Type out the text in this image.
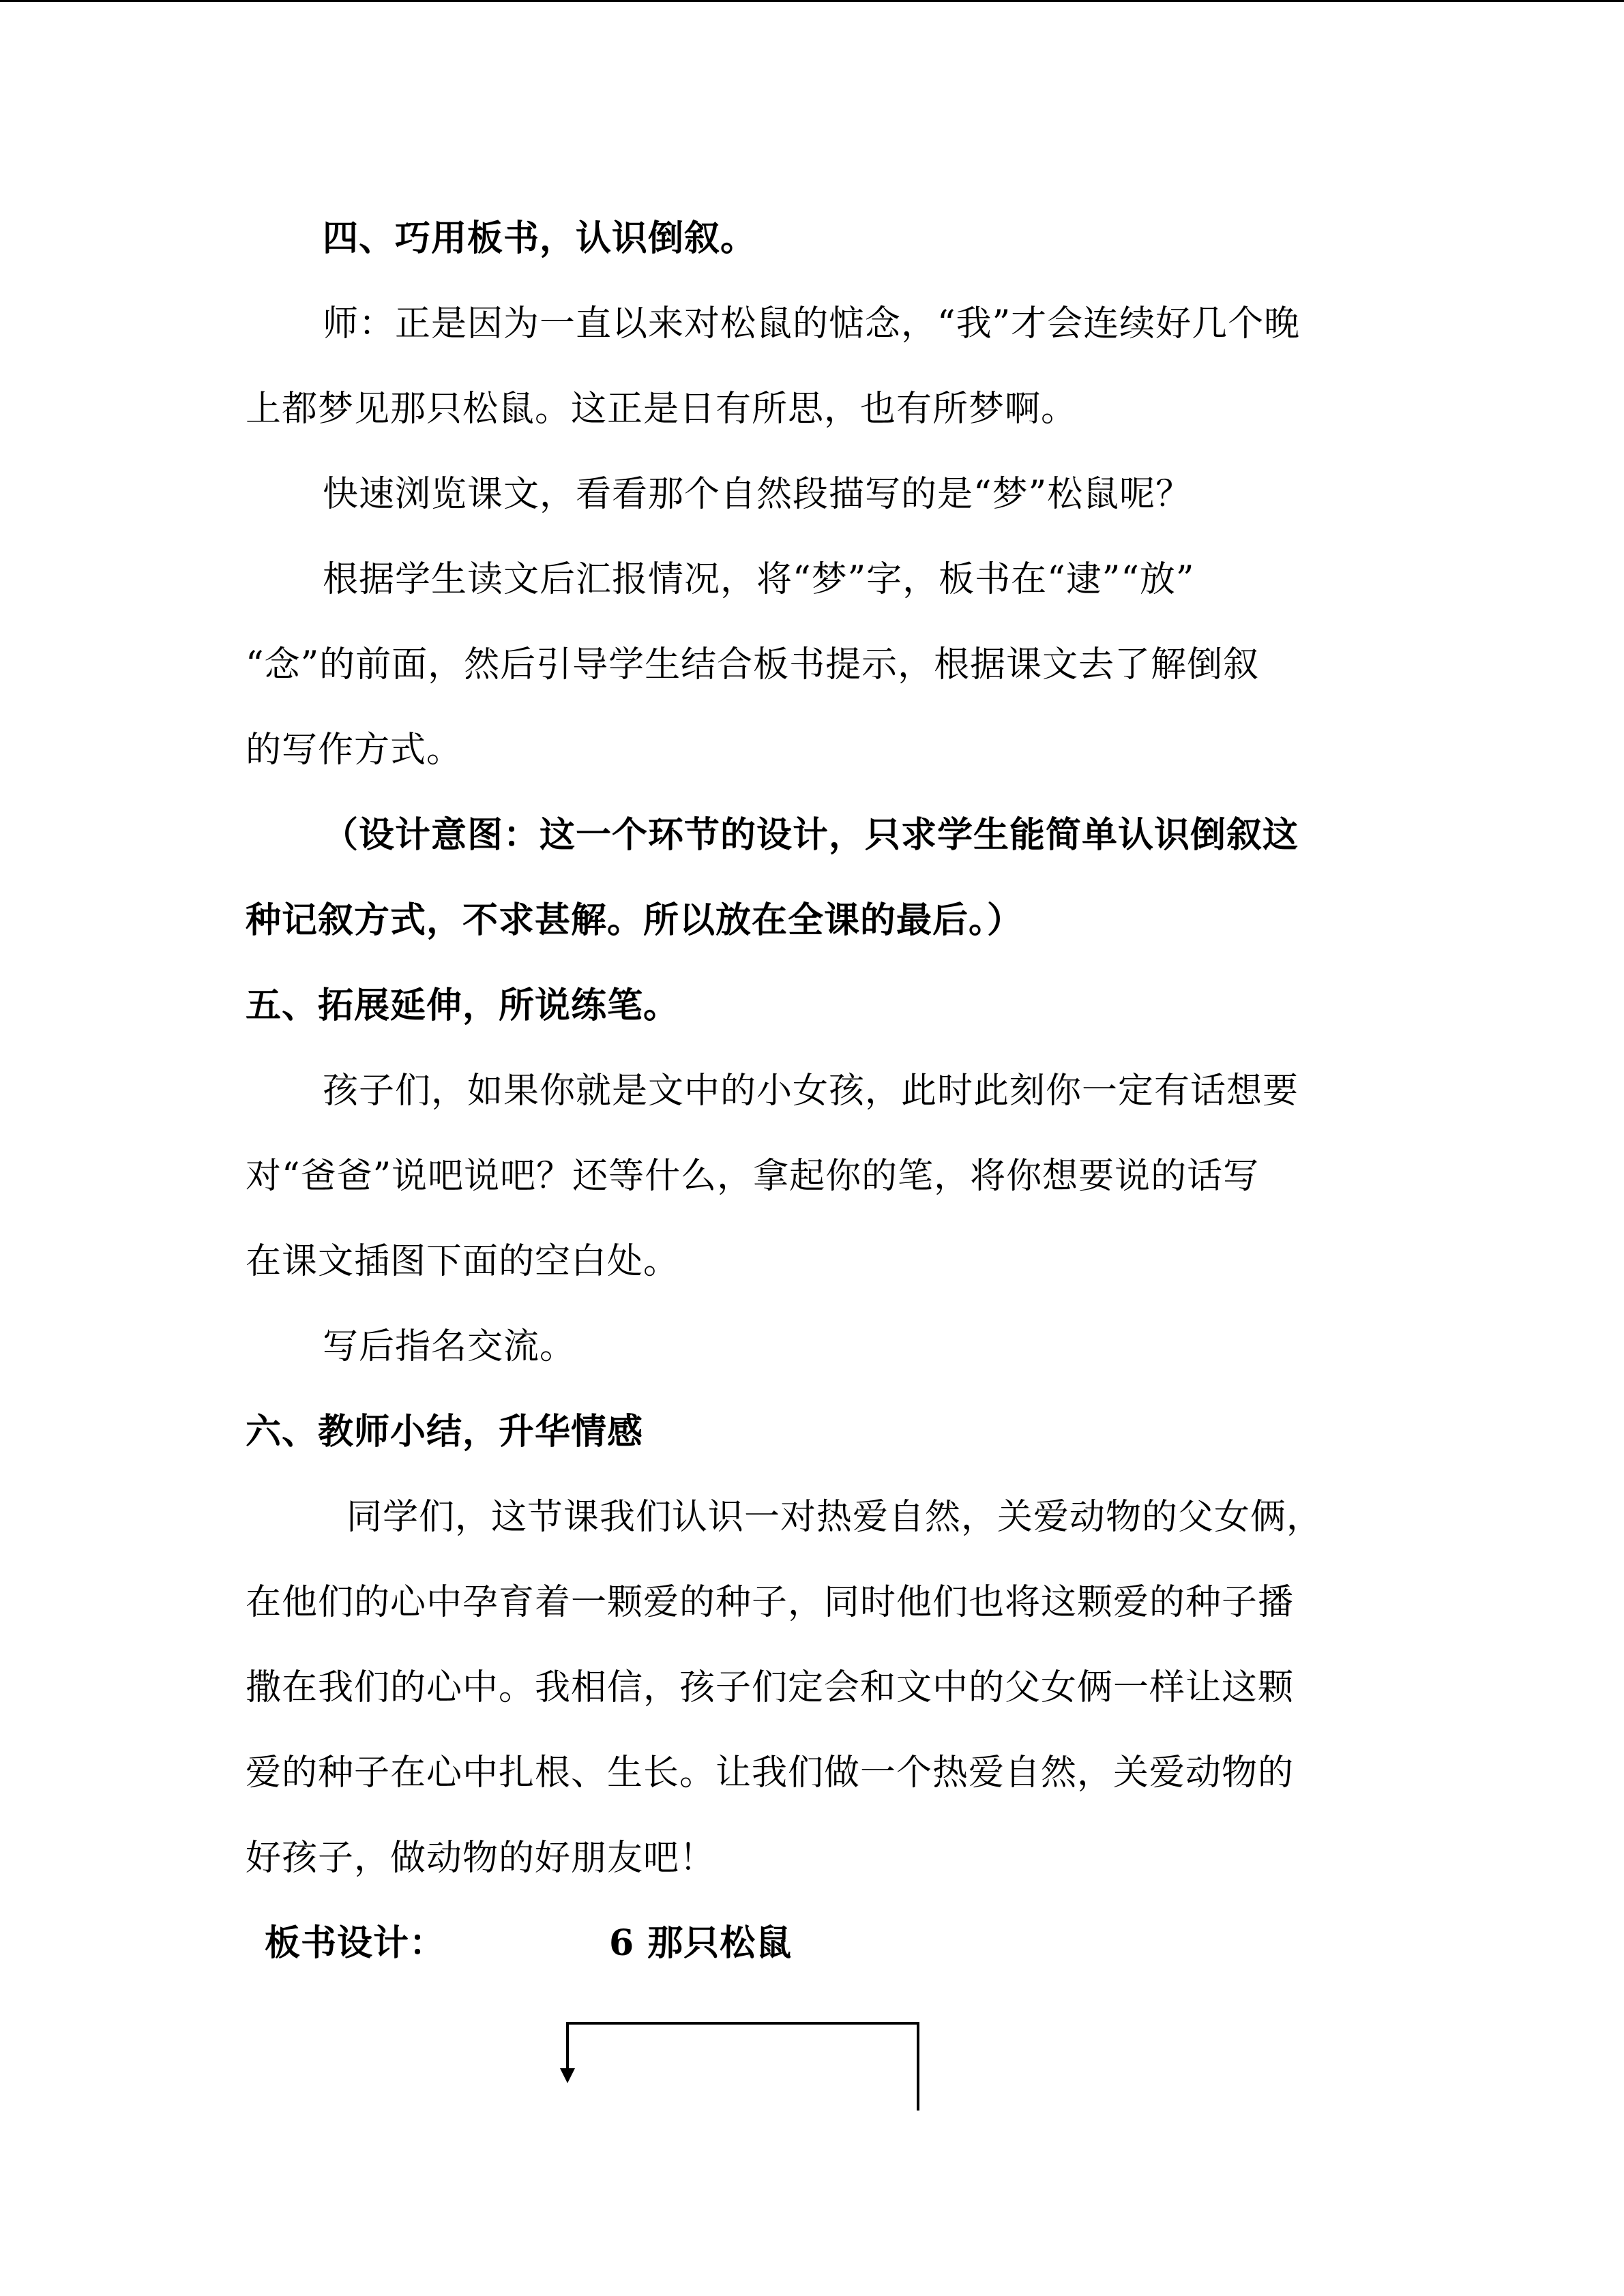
四、巧用板书，认识倒叙。
师：正是因为一直以来对松鼠的惦念，“我”才会连续好几个晚
上都梦见那只松鼠。这正是日有所思，也有所梦啊。
快速浏览课文，看看那个自然段描写的是“梦”松鼠呢？
根据学生读文后汇报情况，将“梦”字，板书在“逮”“放”
“念”的前面，然后引导学生结合板书提示，根据课文去了解倒叙
的写作方式。
（设计意图：这一个环节的设计，只求学生能简单认识倒叙这
种记叙方式，不求甚解。所以放在全课的最后。）
五、拓展延伸，所说练笔。
孩子们，如果你就是文中的小女孩，此时此刻你一定有话想要
对“爸爸”说吧说吧？还等什么，拿起你的笔，将你想要说的话写
在课文插图下面的空白处。
写后指名交流。
六、教师小结，升华情感
同学们，这节课我们认识一对热爱自然，关爱动物的父女俩，
在他们的心中孕育着一颗爱的种子，同时他们也将这颗爱的种子播
撒在我们的心中。我相信，孩子们定会和文中的父女俩一样让这颗
爱的种子在心中扎根、生长。让我们做一个热爱自然，关爱动物的
好孩子，做动物的好朋友吧！
板书设计：	6 那只松鼠
